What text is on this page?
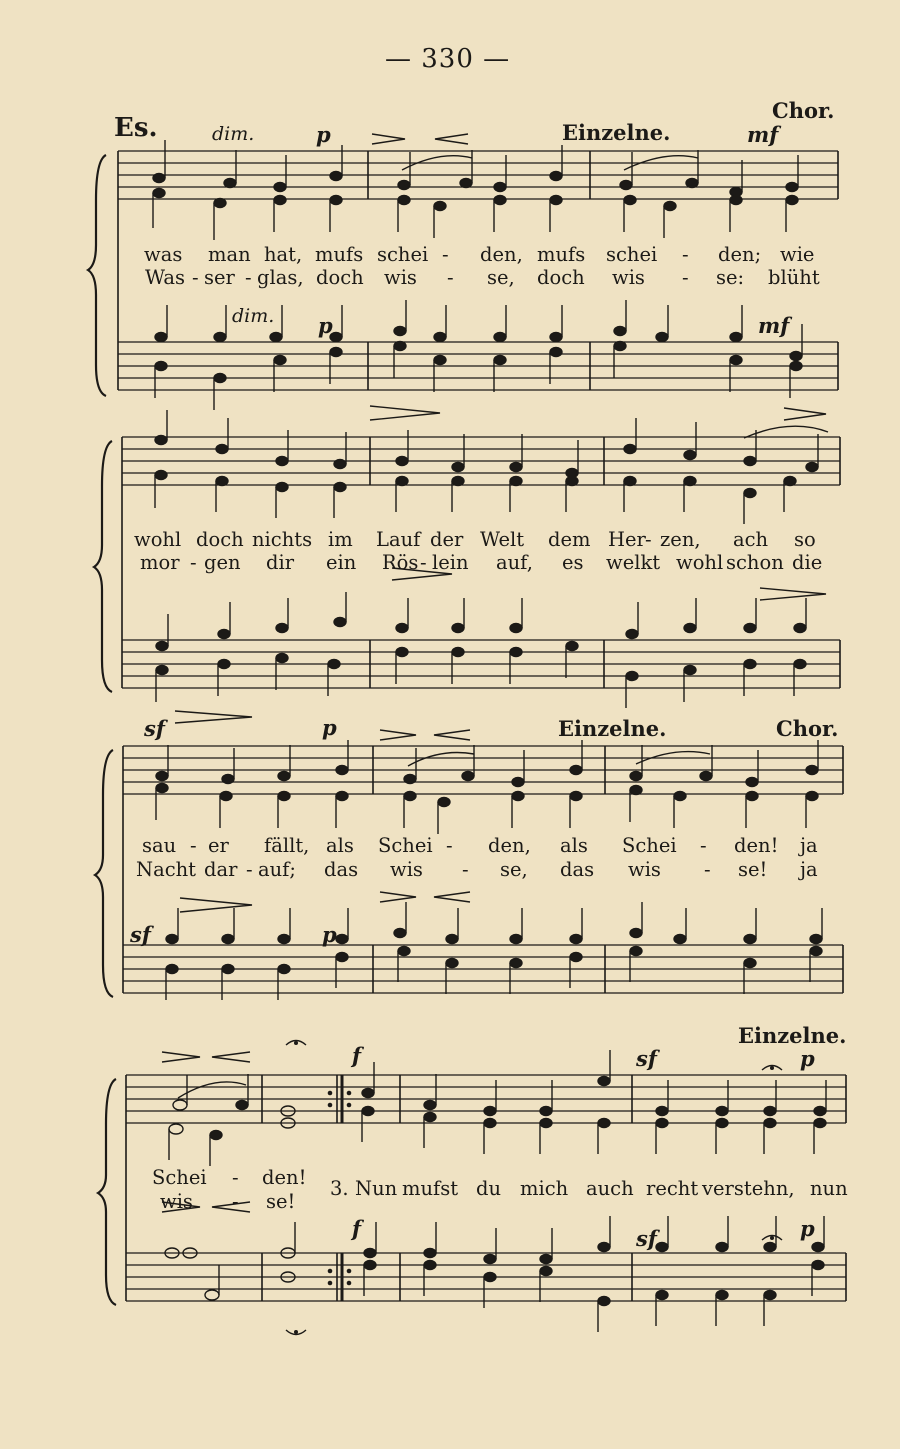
— 330 —
Es.
Chor.
Einzelne.
dim.	p	mf
dim. p	mf
was man hat, mufs schei - den, mufs schei - den; wie
Was - ser - glas, doch wis - se, doch wis - se: blüht
wohl doch nichts im Lauf der Welt dem Her - zen, ach so
mor - gen dir ein Rös - lein auf, es welkt wohl schon die
sf	p	Einzelne.	Chor.
sf	p
sau - er fällt, als Schei - den, als Schei - den! ja
Nacht dar - auf; das wis - se, das wis - se! ja
Einzelne.
f	sf	p
f	sf	p
Schei - den!
wis - se!
3. Nun mufst du mich auch recht verstehn, nun
